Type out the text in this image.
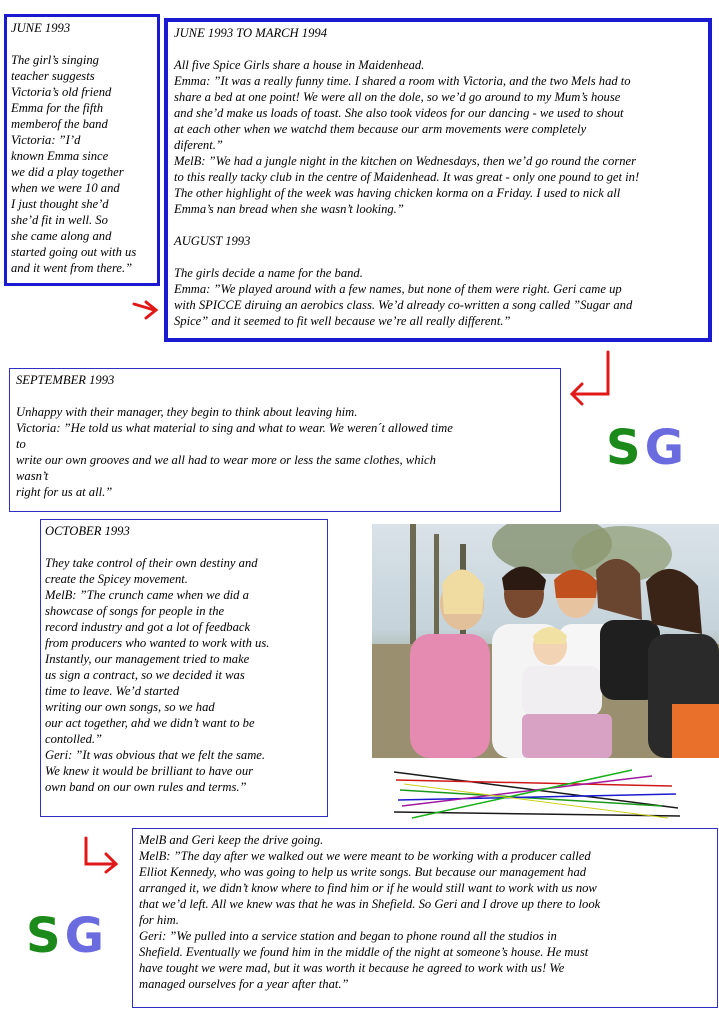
JUNE 1993
The girl’s singing
teacher suggests
Victoria’s old friend
Emma for the fifth
memberof the band
Victoria: ”I’d
known Emma since
we did a play together
when we were 10 and
I just thought she’d
she’d fit in well. So
she came along and
started going out with us
and it went from there.”
JUNE 1993 TO MARCH 1994
All five Spice Girls share a house in Maidenhead.
Emma: ”It was a really funny time. I shared a room with Victoria, and the two Mels had to
share a bed at one point! We were all on the dole, so we’d go around to my Mum’s house
and she’d make us loads of toast. She also took videos for our dancing - we used to shout
at each other when we watchd them because our arm movements were completely
diferent.”
MelB: ”We had a jungle night in the kitchen on Wednesdays, then we’d go round the corner
to this really tacky club in the centre of Maidenhead. It was great - only one pound to get in!
The other highlight of the week was having chicken korma on a Friday. I used to nick all
Emma’s nan bread when she wasn’t looking.”
AUGUST 1993
The girls decide a name for the band.
Emma: ”We played around with a few names, but none of them were right. Geri came up
with SPICCE diruing an aerobics class. We’d already co-written a song called ”Sugar and
Spice” and it seemed to fit well because we’re all really different.”
SEPTEMBER 1993
Unhappy with their manager, they begin to think about leaving him.
Victoria: ”He told us what material to sing and what to wear. We weren´t allowed time
to
write our own grooves and we all had to wear more or less the same clothes, which
wasn’t
right for us at all.”
SG
OCTOBER 1993
They take control of their own destiny and
create the Spicey movement.
MelB: ”The crunch came when we did a
showcase of songs for people in the
record industry and got a lot of feedback
from producers who wanted to work with us.
Instantly, our management tried to make
us sign a contract, so we decided it was
time to leave. We’d started
writing our own songs, so we had
our act together, ahd we didn’t want to be
contolled.”
Geri: ”It was obvious that we felt the same.
We knew it would be brilliant to have our
own band on our own rules and terms.”
SG
MelB and Geri keep the drive going.
MelB: ”The day after we walked out we were meant to be working with a producer called
Elliot Kennedy, who was going to help us write songs. But because our management had
arranged it, we didn’t know where to find him or if he would still want to work with us now
that we’d left. All we knew was that he was in Shefield. So Geri and I drove up there to look
for him.
Geri: ”We pulled into a service station and began to phone round all the studios in
Shefield. Eventually we found him in the middle of the night at someone’s house. He must
have tought we were mad, but it was worth it because he agreed to work with us! We
managed ourselves for a year after that.”
